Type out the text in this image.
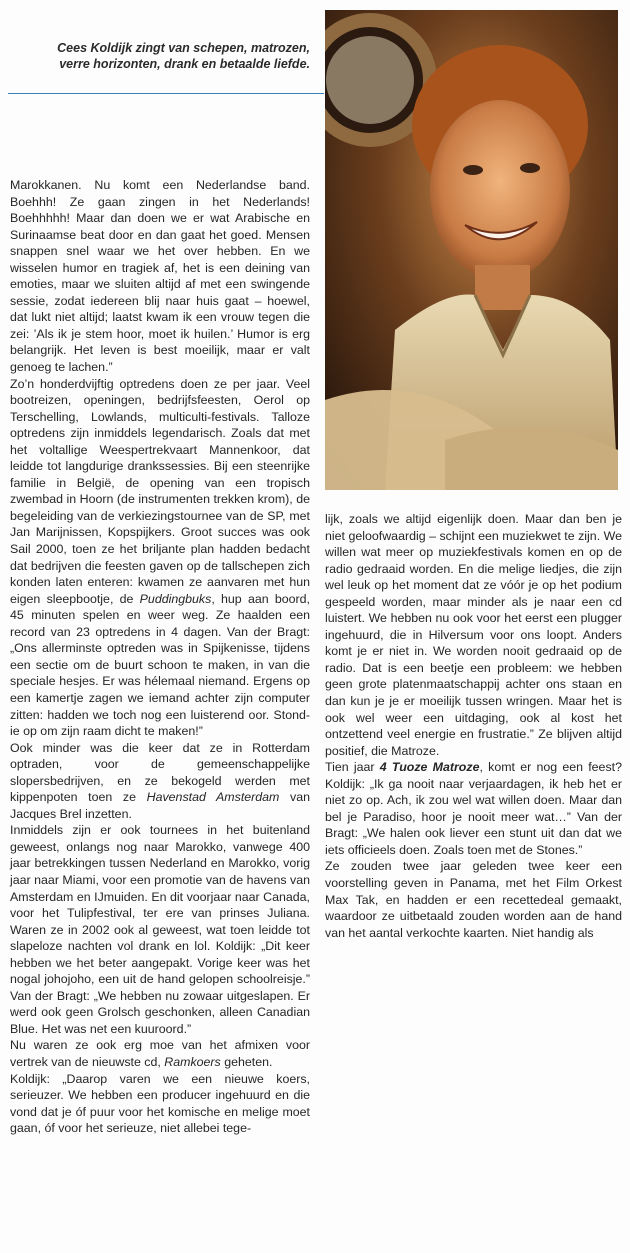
Cees Koldijk zingt van schepen, matrozen, verre horizonten, drank en betaalde liefde.

Marokkanen. Nu komt een Nederlandse band. Boehhh! Ze gaan zingen in het Nederlands! Boehhhhh! Maar dan doen we er wat Arabische en Surinaamse beat door en dan gaat het goed. Mensen snappen snel waar we het over hebben. En we wisselen humor en tragiek af, het is een deining van emoties, maar we sluiten altijd af met een swingende sessie, zodat iedereen blij naar huis gaat – hoewel, dat lukt niet altijd; laatst kwam ik een vrouw tegen die zei: ’Als ik je stem hoor, moet ik huilen.’ Humor is erg belangrijk. Het leven is best moeilijk, maar er valt genoeg te lachen.”

Zo’n honderdvijftig optredens doen ze per jaar. Veel bootreizen, openingen, bedrijfsfeesten, Oerol op Terschelling, Lowlands, multiculti-festivals. Talloze optredens zijn inmiddels legendarisch. Zoals dat met het voltallige Weespertrekvaart Mannenkoor, dat leidde tot langdurige drankssessies. Bij een steenrijke familie in België, de opening van een tropisch zwembad in Hoorn (de instrumenten trekken krom), de begeleiding van de verkiezingstournee van de SP, met Jan Marijnissen, Kopspijkers. Groot succes was ook Sail 2000, toen ze het briljante plan hadden bedacht dat bedrijven die feesten gaven op de tallschepen zich konden laten enteren: kwamen ze aanvaren met hun eigen sleepbootje, de Puddingbuks, hup aan boord, 45 minuten spelen en weer weg. Ze haalden een record van 23 optredens in 4 dagen. Van der Bragt: „Ons allerminste optreden was in Spijkenisse, tijdens een sectie om de buurt schoon te maken, in van die speciale hesjes. Er was hélemaal niemand. Ergens op een kamertje zagen we iemand achter zijn computer zitten: hadden we toch nog een luisterend oor. Stond-ie op om zijn raam dicht te maken!”

Ook minder was die keer dat ze in Rotterdam optraden, voor de gemeenschappelijke slopersbedrijven, en ze bekogeld werden met kippenpoten toen ze Havenstad Amsterdam van Jacques Brel inzetten.

Inmiddels zijn er ook tournees in het buitenland geweest, onlangs nog naar Marokko, vanwege 400 jaar betrekkingen tussen Nederland en Marokko, vorig jaar naar Miami, voor een promotie van de havens van Amsterdam en IJmuiden. En dit voorjaar naar Canada, voor het Tulipfestival, ter ere van prinses Juliana. Waren ze in 2002 ook al geweest, wat toen leidde tot slapeloze nachten vol drank en lol. Koldijk: „Dit keer hebben we het beter aangepakt. Vorige keer was het nogal johojoho, een uit de hand gelopen schoolreisje.” Van der Bragt: „We hebben nu zowaar uitgeslapen. Er werd ook geen Grolsch geschonken, alleen Canadian Blue. Het was net een kuuroord.”

Nu waren ze ook erg moe van het afmixen voor vertrek van de nieuwste cd, Ramkoers geheten.

Koldijk: „Daarop varen we een nieuwe koers, serieuzer. We hebben een producer ingehuurd en die vond dat je óf puur voor het komische en melige moet gaan, óf voor het serieuze, niet allebei tege-

lijk, zoals we altijd eigenlijk doen. Maar dan ben je niet geloofwaardig – schijnt een muziekwet te zijn. We willen wat meer op muziekfestivals komen en op de radio gedraaid worden. En die melige liedjes, die zijn wel leuk op het moment dat ze vóór je op het podium gespeeld worden, maar minder als je naar een cd luistert. We hebben nu ook voor het eerst een plugger ingehuurd, die in Hilversum voor ons loopt. Anders komt je er niet in. We worden nooit gedraaid op de radio. Dat is een beetje een probleem: we hebben geen grote platenmaatschappij achter ons staan en dan kun je je er moeilijk tussen wringen. Maar het is ook wel weer een uitdaging, ook al kost het ontzettend veel energie en frustratie.” Ze blijven altijd positief, die Matroze.

Tien jaar 4 Tuoze Matroze, komt er nog een feest? Koldijk: „Ik ga nooit naar verjaardagen, ik heb het er niet zo op. Ach, ik zou wel wat willen doen. Maar dan bel je Paradiso, hoor je nooit meer wat…” Van der Bragt: „We halen ook liever een stunt uit dan dat we iets officieels doen. Zoals toen met de Stones.”

Ze zouden twee jaar geleden twee keer een voorstelling geven in Panama, met het Film Orkest Max Tak, en hadden er een recettedeal gemaakt, waardoor ze uitbetaald zouden worden aan de hand van het aantal verkochte kaarten. Niet handig als
